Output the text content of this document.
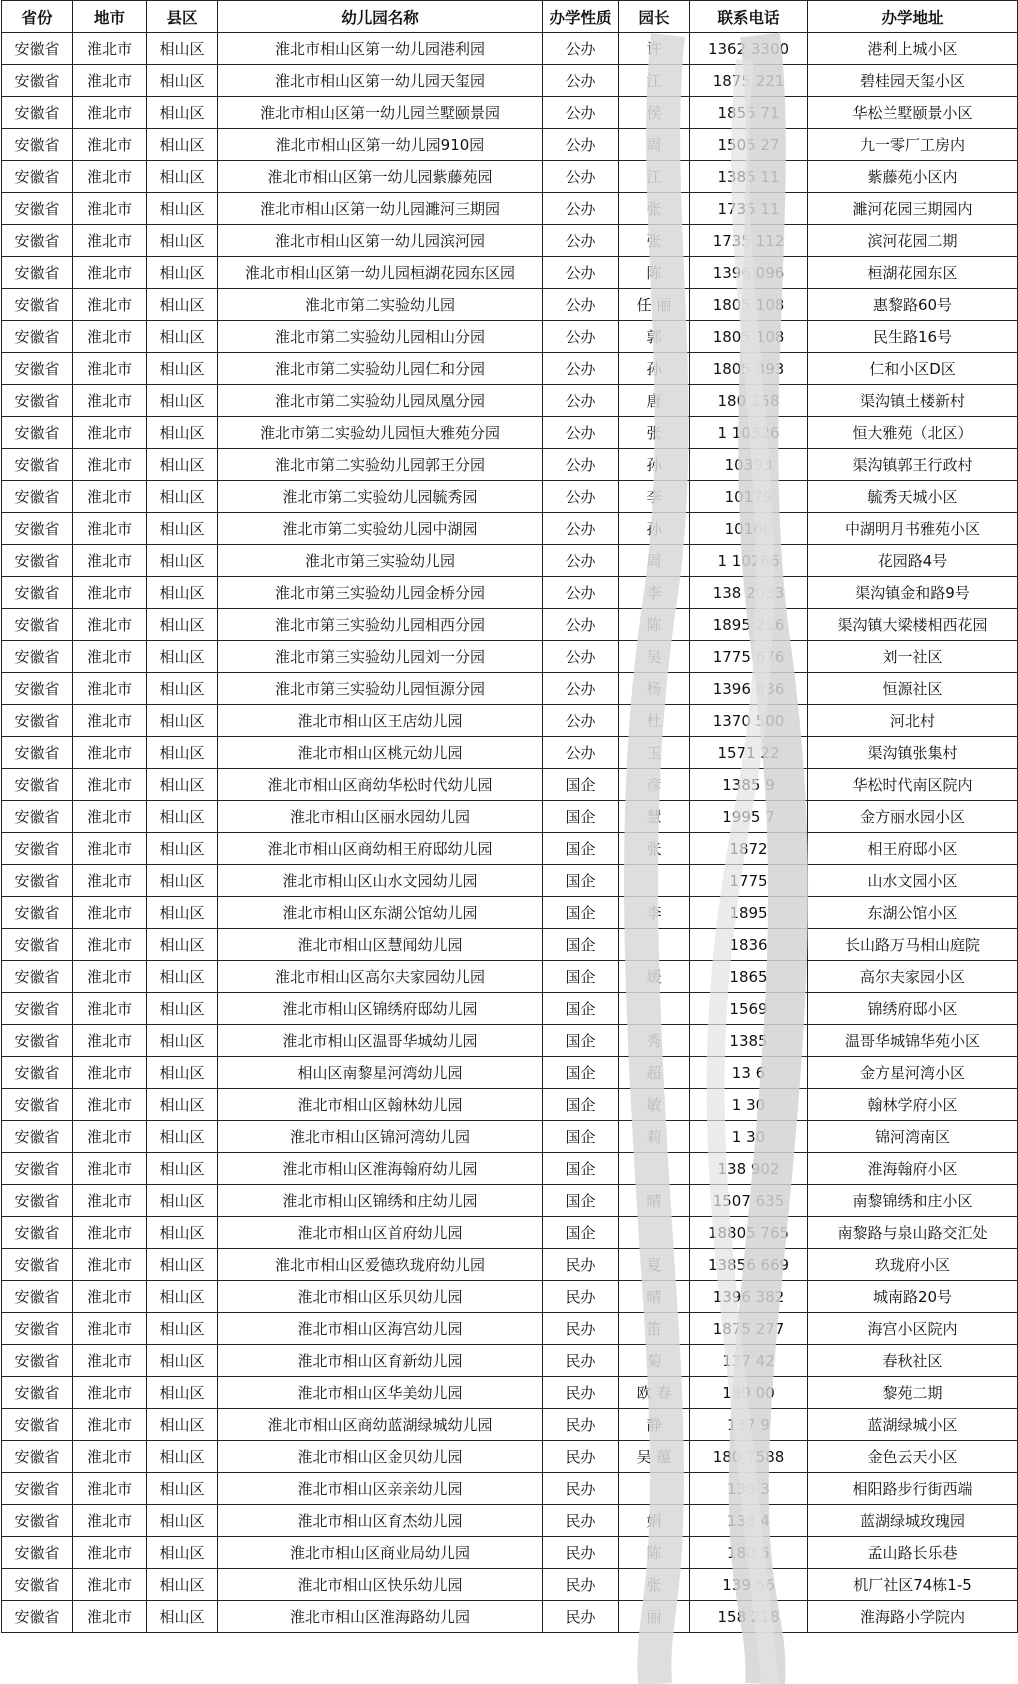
省份	地市	县区	幼儿园名称	办学性质	园长	联系电话	办学地址
安徽省	淮北市	相山区	淮北市相山区第一幼儿园港利园	公办	许	1362 3300	港利上城小区
安徽省	淮北市	相山区	淮北市相山区第一幼儿园天玺园	公办	江	1875 221	碧桂园天玺小区
安徽省	淮北市	相山区	淮北市相山区第一幼儿园兰墅颐景园	公办	侯	1855 71	华松兰墅颐景小区
安徽省	淮北市	相山区	淮北市相山区第一幼儿园910园	公办	周	1505 27	九一零厂工房内
安徽省	淮北市	相山区	淮北市相山区第一幼儿园紫藤苑园	公办	江	1385 11	紫藤苑小区内
安徽省	淮北市	相山区	淮北市相山区第一幼儿园濉河三期园	公办	张	1735 11	濉河花园三期园内
安徽省	淮北市	相山区	淮北市相山区第一幼儿园滨河园	公办	张	1735 112	滨河花园二期
安徽省	淮北市	相山区	淮北市相山区第一幼儿园桓湖花园东区园	公办	陈	1396 096	桓湖花园东区
安徽省	淮北市	相山区	淮北市第二实验幼儿园	公办	任 丽	1805 108	惠黎路60号
安徽省	淮北市	相山区	淮北市第二实验幼儿园相山分园	公办	郭	1805 108	民生路16号
安徽省	淮北市	相山区	淮北市第二实验幼儿园仁和分园	公办	孙	1805 393	仁和小区D区
安徽省	淮北市	相山区	淮北市第二实验幼儿园凤凰分园	公办	唐	180 158	渠沟镇土楼新村
安徽省	淮北市	相山区	淮北市第二实验幼儿园恒大雅苑分园	公办	张	1 10326	恒大雅苑（北区）
安徽省	淮北市	相山区	淮北市第二实验幼儿园郭王分园	公办	孙	10393	渠沟镇郭王行政村
安徽省	淮北市	相山区	淮北市第二实验幼儿园毓秀园	公办	李	10179	毓秀天城小区
安徽省	淮北市	相山区	淮北市第二实验幼儿园中湖园	公办	孙	10160	中湖明月书雅苑小区
安徽省	淮北市	相山区	淮北市第三实验幼儿园	公办	周	1 10266	花园路4号
安徽省	淮北市	相山区	淮北市第三实验幼儿园金桥分园	公办	李	138 2033	渠沟镇金和路9号
安徽省	淮北市	相山区	淮北市第三实验幼儿园相西分园	公办	陈	1895 216	渠沟镇大梁楼相西花园
安徽省	淮北市	相山区	淮北市第三实验幼儿园刘一分园	公办	吴	1775 676	刘一社区
安徽省	淮北市	相山区	淮北市第三实验幼儿园恒源分园	公办	杨	1396 836	恒源社区
安徽省	淮北市	相山区	淮北市相山区王店幼儿园	公办	杜	1370 500	河北村
安徽省	淮北市	相山区	淮北市相山区桃元幼儿园	公办	玉	1571 22	渠沟镇张集村
安徽省	淮北市	相山区	淮北市相山区商幼华松时代幼儿园	国企	彦	1385 9	华松时代南区院内
安徽省	淮北市	相山区	淮北市相山区丽水园幼儿园	国企	慧	1995 7	金方丽水园小区
安徽省	淮北市	相山区	淮北市相山区商幼相王府邸幼儿园	国企	张	1872	相王府邸小区
安徽省	淮北市	相山区	淮北市相山区山水文园幼儿园	国企		1775	山水文园小区
安徽省	淮北市	相山区	淮北市相山区东湖公馆幼儿园	国企	李	1895	东湖公馆小区
安徽省	淮北市	相山区	淮北市相山区慧闻幼儿园	国企		1836	长山路万马相山庭院
安徽省	淮北市	相山区	淮北市相山区高尔夫家园幼儿园	国企	媛	1865	高尔夫家园小区
安徽省	淮北市	相山区	淮北市相山区锦绣府邸幼儿园	国企		1569	锦绣府邸小区
安徽省	淮北市	相山区	淮北市相山区温哥华城幼儿园	国企	秀	1385	温哥华城锦华苑小区
安徽省	淮北市	相山区	相山区南黎星河湾幼儿园	国企	超	13 6	金方星河湾小区
安徽省	淮北市	相山区	淮北市相山区翰林幼儿园	国企	敏	1 30	翰林学府小区
安徽省	淮北市	相山区	淮北市相山区锦河湾幼儿园	国企	莉	1 30	锦河湾南区
安徽省	淮北市	相山区	淮北市相山区淮海翰府幼儿园	国企		138 902	淮海翰府小区
安徽省	淮北市	相山区	淮北市相山区锦绣和庄幼儿园	国企	晴	1507 635	南黎锦绣和庄小区
安徽省	淮北市	相山区	淮北市相山区首府幼儿园	国企		18805 765	南黎路与泉山路交汇处
安徽省	淮北市	相山区	淮北市相山区爱德玖珑府幼儿园	民办	夏	13856 669	玖珑府小区
安徽省	淮北市	相山区	淮北市相山区乐贝幼儿园	民办	晴	1396 382	城南路20号
安徽省	淮北市	相山区	淮北市相山区海宫幼儿园	民办	笛	1875 277	海宫小区院内
安徽省	淮北市	相山区	淮北市相山区育新幼儿园	民办	菊	137 42	春秋社区
安徽省	淮北市	相山区	淮北市相山区华美幼儿园	民办	欧 春	189 00	黎苑二期
安徽省	淮北市	相山区	淮北市相山区商幼蓝湖绿城幼儿园	民办	静	137 9	蓝湖绿城小区
安徽省	淮北市	相山区	淮北市相山区金贝幼儿园	民办	吴 蕴	180 7588	金色云天小区
安徽省	淮北市	相山区	淮北市相山区亲亲幼儿园	民办		130 3	相阳路步行街西端
安徽省	淮北市	相山区	淮北市相山区育杰幼儿园	民办	娟	138 4	蓝湖绿城玫瑰园
安徽省	淮北市	相山区	淮北市相山区商业局幼儿园	民办	陈	180 5	孟山路长乐巷
安徽省	淮北市	相山区	淮北市相山区快乐幼儿园	民办	张	139 56	机厂社区74栋1-5
安徽省	淮北市	相山区	淮北市相山区淮海路幼儿园	民办	丽	158 218	淮海路小学院内
